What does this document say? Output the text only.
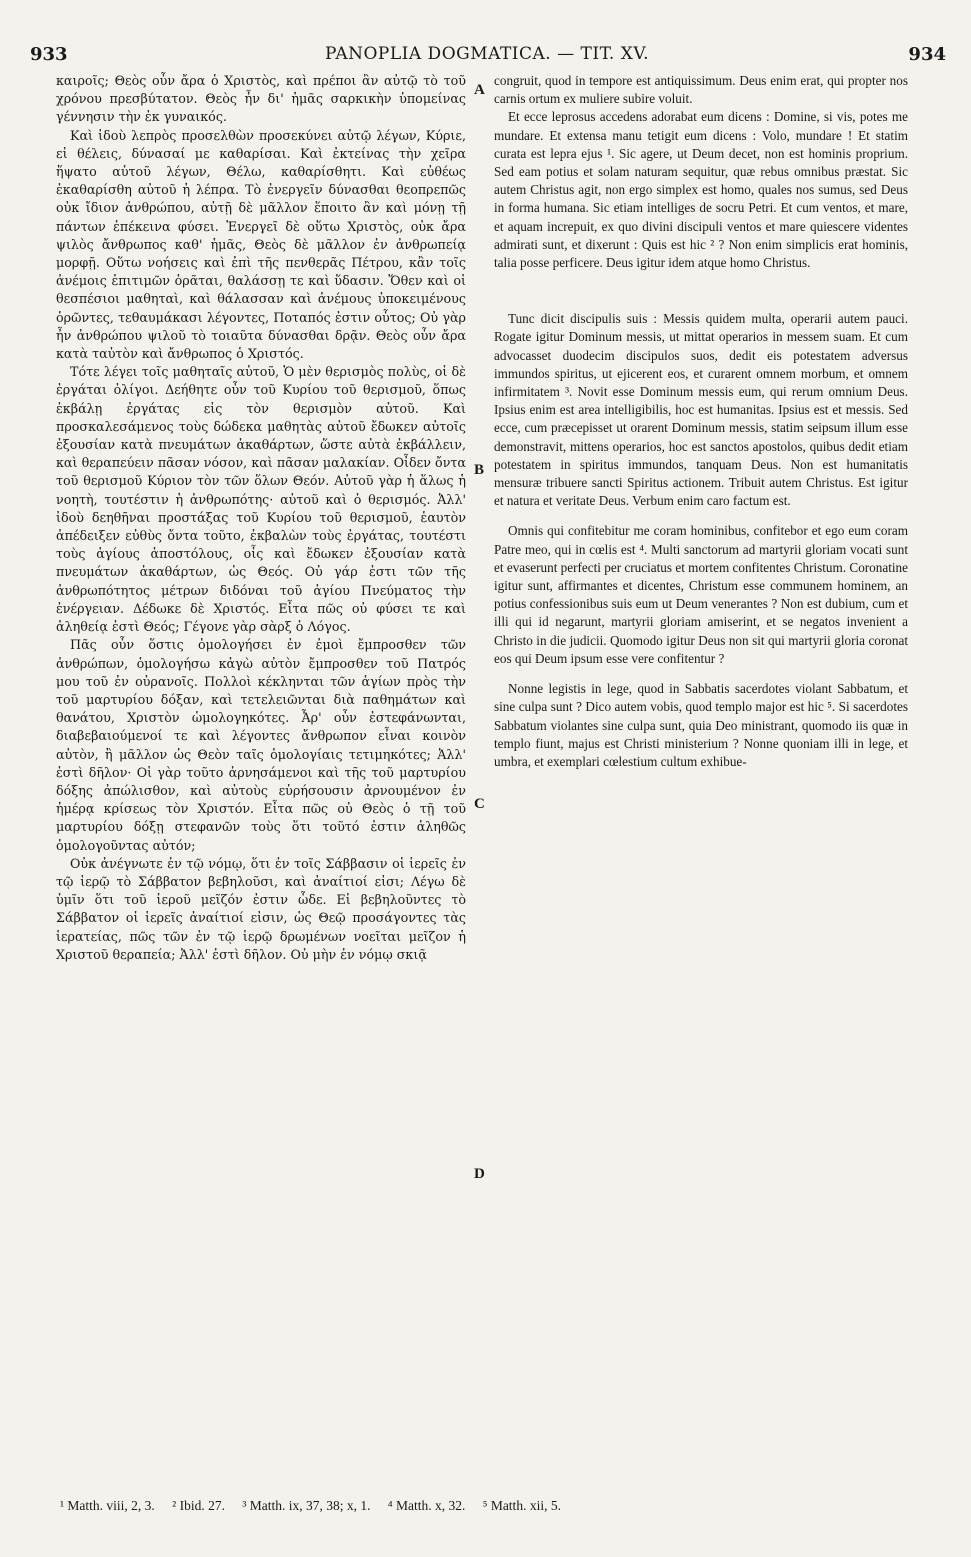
933	PANOPLIA DOGMATICA. — TIT. XV.	934

καιροῖς; Θεὸς οὖν ἄρα ὁ Χριστὸς, καὶ πρέποι ἂν αὐτῷ τὸ τοῦ χρόνου πρεσβύτατον. Θεὸς ἦν δι' ἡμᾶς σαρκικὴν ὑπομείνας γέννησιν τὴν ἐκ γυναικός.

Καὶ ἰδοὺ λεπρὸς προσελθὼν προσεκύνει αὐτῷ λέγων, Κύριε, εἰ θέλεις, δύνασαί με καθαρίσαι. Καὶ ἐκτείνας τὴν χεῖρα ἥψατο αὐτοῦ λέγων, Θέλω, καθαρίσθητι. Καὶ εὐθέως ἐκαθαρίσθη αὐτοῦ ἡ λέπρα. Τὸ ἐνεργεῖν δύνασθαι θεοπρεπῶς οὐκ ἴδιον ἀνθρώπου, αὐτῇ δὲ μᾶλλον ἕποιτο ἂν καὶ μόνῃ τῇ πάντων ἐπέκεινα φύσει. Ἐνεργεῖ δὲ οὕτω Χριστὸς, οὐκ ἄρα ψιλὸς ἄνθρωπος καθ' ἡμᾶς, Θεὸς δὲ μᾶλλον ἐν ἀνθρωπείᾳ μορφῇ. Οὕτω νοήσεις καὶ ἐπὶ τῆς πενθερᾶς Πέτρου, κἂν τοῖς ἀνέμοις ἐπιτιμῶν ὁρᾶται, θαλάσσῃ τε καὶ ὕδασιν. Ὅθεν καὶ οἱ θεσπέσιοι μαθηταὶ, καὶ θάλασσαν καὶ ἀνέμους ὑποκειμένους ὁρῶντες, τεθαυμάκασι λέγοντες, Ποταπός ἐστιν οὗτος; Οὐ γὰρ ἦν ἀνθρώπου ψιλοῦ τὸ τοιαῦτα δύνασθαι δρᾷν. Θεὸς οὖν ἄρα κατὰ ταὐτὸν καὶ ἄνθρωπος ὁ Χριστός.

Τότε λέγει τοῖς μαθηταῖς αὐτοῦ, Ὁ μὲν θερισμὸς πολὺς, οἱ δὲ ἐργάται ὀλίγοι. Δεήθητε οὖν τοῦ Κυρίου τοῦ θερισμοῦ, ὅπως ἐκβάλῃ ἐργάτας εἰς τὸν θερισμὸν αὐτοῦ. Καὶ προσκαλεσάμενος τοὺς δώδεκα μαθητὰς αὐτοῦ ἔδωκεν αὐτοῖς ἐξουσίαν κατὰ πνευμάτων ἀκαθάρτων, ὥστε αὐτὰ ἐκβάλλειν, καὶ θεραπεύειν πᾶσαν νόσον, καὶ πᾶσαν μαλακίαν. Οἶδεν ὄντα τοῦ θερισμοῦ Κύριον τὸν τῶν ὅλων Θεόν. Αὐτοῦ γὰρ ἡ ἅλως ἡ νοητὴ, τουτέστιν ἡ ἀνθρωπότης· αὐτοῦ καὶ ὁ θερισμός. Ἀλλ' ἰδοὺ δεηθῆναι προστάξας τοῦ Κυρίου τοῦ θερισμοῦ, ἑαυτὸν ἀπέδειξεν εὐθὺς ὄντα τοῦτο, ἐκβαλὼν τοὺς ἐργάτας, τουτέστι τοὺς ἁγίους ἀποστόλους, οἷς καὶ ἔδωκεν ἐξουσίαν κατὰ πνευμάτων ἀκαθάρτων, ὡς Θεός. Οὐ γάρ ἐστι τῶν τῆς ἀνθρωπότητος μέτρων διδόναι τοῦ ἁγίου Πνεύματος τὴν ἐνέργειαν. Δέδωκε δὲ Χριστός. Εἶτα πῶς οὐ φύσει τε καὶ ἀληθείᾳ ἐστὶ Θεός; Γέγονε γὰρ σὰρξ ὁ Λόγος.

Πᾶς οὖν ὅστις ὁμολογήσει ἐν ἐμοὶ ἔμπροσθεν τῶν ἀνθρώπων, ὁμολογήσω κἀγὼ αὐτὸν ἔμπροσθεν τοῦ Πατρός μου τοῦ ἐν οὐρανοῖς. Πολλοὶ κέκληνται τῶν ἁγίων πρὸς τὴν τοῦ μαρτυρίου δόξαν, καὶ τετελειῶνται διὰ παθημάτων καὶ θανάτου, Χριστὸν ὡμολογηκότες. Ἆρ' οὖν ἐστεφάνωνται, διαβεβαιούμενοί τε καὶ λέγοντες ἄνθρωπον εἶναι κοινὸν αὐτὸν, ἢ μᾶλλον ὡς Θεὸν ταῖς ὁμολογίαις τετιμηκότες; Ἀλλ' ἐστὶ δῆλον· Οἱ γὰρ τοῦτο ἀρνησάμενοι καὶ τῆς τοῦ μαρτυρίου δόξης ἀπώλισθον, καὶ αὐτοὺς εὑρήσουσιν ἀρνουμένον ἐν ἡμέρᾳ κρίσεως τὸν Χριστόν. Εἶτα πῶς οὐ Θεὸς ὁ τῇ τοῦ μαρτυρίου δόξῃ στεφανῶν τοὺς ὅτι τοῦτό ἐστιν ἀληθῶς ὁμολογοῦντας αὐτόν;

Οὐκ ἀνέγνωτε ἐν τῷ νόμῳ, ὅτι ἐν τοῖς Σάββασιν οἱ ἱερεῖς ἐν τῷ ἱερῷ τὸ Σάββατον βεβηλοῦσι, καὶ ἀναίτιοί εἰσι; Λέγω δὲ ὑμῖν ὅτι τοῦ ἱεροῦ μεῖζόν ἐστιν ὧδε. Εἰ βεβηλοῦντες τὸ Σάββατον οἱ ἱερεῖς ἀναίτιοί εἰσιν, ὡς Θεῷ προσάγοντες τὰς ἱερατείας, πῶς τῶν ἐν τῷ ἱερῷ δρωμένων νοεῖται μεῖζον ἡ Χριστοῦ θεραπεία; Ἀλλ' ἐστὶ δῆλον. Οὐ μὴν ἐν νόμῳ σκιᾷ

congruit, quod in tempore est antiquissimum. Deus enim erat, qui propter nos carnis ortum ex muliere subire voluit.

Et ecce leprosus accedens adorabat eum dicens : Domine, si vis, potes me mundare. Et extensa manu tetigit eum dicens : Volo, mundare ! Et statim curata est lepra ejus ¹. Sic agere, ut Deum decet, non est hominis proprium. Sed eam potius et solam naturam sequitur, quæ rebus omnibus præstat. Sic autem Christus agit, non ergo simplex est homo, quales nos sumus, sed Deus in forma humana. Sic etiam intelliges de socru Petri. Et cum ventos, et mare, et aquam increpuit, ex quo divini discipuli ventos et mare quiescere videntes admirati sunt, et dixerunt : Quis est hic ² ? Non enim simplicis erat hominis, talia posse perficere. Deus igitur idem atque homo Christus.

Tunc dicit discipulis suis : Messis quidem multa, operarii autem pauci. Rogate igitur Dominum messis, ut mittat operarios in messem suam. Et cum advocasset duodecim discipulos suos, dedit eis potestatem adversus immundos spiritus, ut ejicerent eos, et curarent omnem morbum, et omnem infirmitatem ³. Novit esse Dominum messis eum, qui rerum omnium Deus. Ipsius enim est area intelligibilis, hoc est humanitas. Ipsius est et messis. Sed ecce, cum præcepisset ut orarent Dominum messis, statim seipsum illum esse demonstravit, mittens operarios, hoc est sanctos apostolos, quibus dedit etiam potestatem in spiritus immundos, tanquam Deus. Non est humanitatis mensuræ tribuere sancti Spiritus actionem. Tribuit autem Christus. Est igitur et natura et veritate Deus. Verbum enim caro factum est.

Omnis qui confitebitur me coram hominibus, confitebor et ego eum coram Patre meo, qui in cœlis est ⁴. Multi sanctorum ad martyrii gloriam vocati sunt et evaserunt perfecti per cruciatus et mortem confitentes Christum. Coronatine igitur sunt, affirmantes et dicentes, Christum esse communem hominem, an potius confessionibus suis eum ut Deum venerantes ? Non est dubium, cum et illi qui id negarunt, martyrii gloriam amiserint, et se negatos invenient a Christo in die judicii. Quomodo igitur Deus non sit qui martyrii gloria coronat eos qui Deum ipsum esse vere confitentur ?

Nonne legistis in lege, quod in Sabbatis sacerdotes violant Sabbatum, et sine culpa sunt ? Dico autem vobis, quod templo major est hic ⁵. Si sacerdotes Sabbatum violantes sine culpa sunt, quia Deo ministrant, quomodo iis quæ in templo fiunt, majus est Christi ministerium ? Nonne quoniam illi in lege, et umbra, et exemplari cœlestium cultum exhibue-

A
B
C
D
¹ Matth. viii, 2, 3. ² Ibid. 27. ³ Matth. ix, 37, 38; x, 1. ⁴ Matth. x, 32. ⁵ Matth. xii, 5.
